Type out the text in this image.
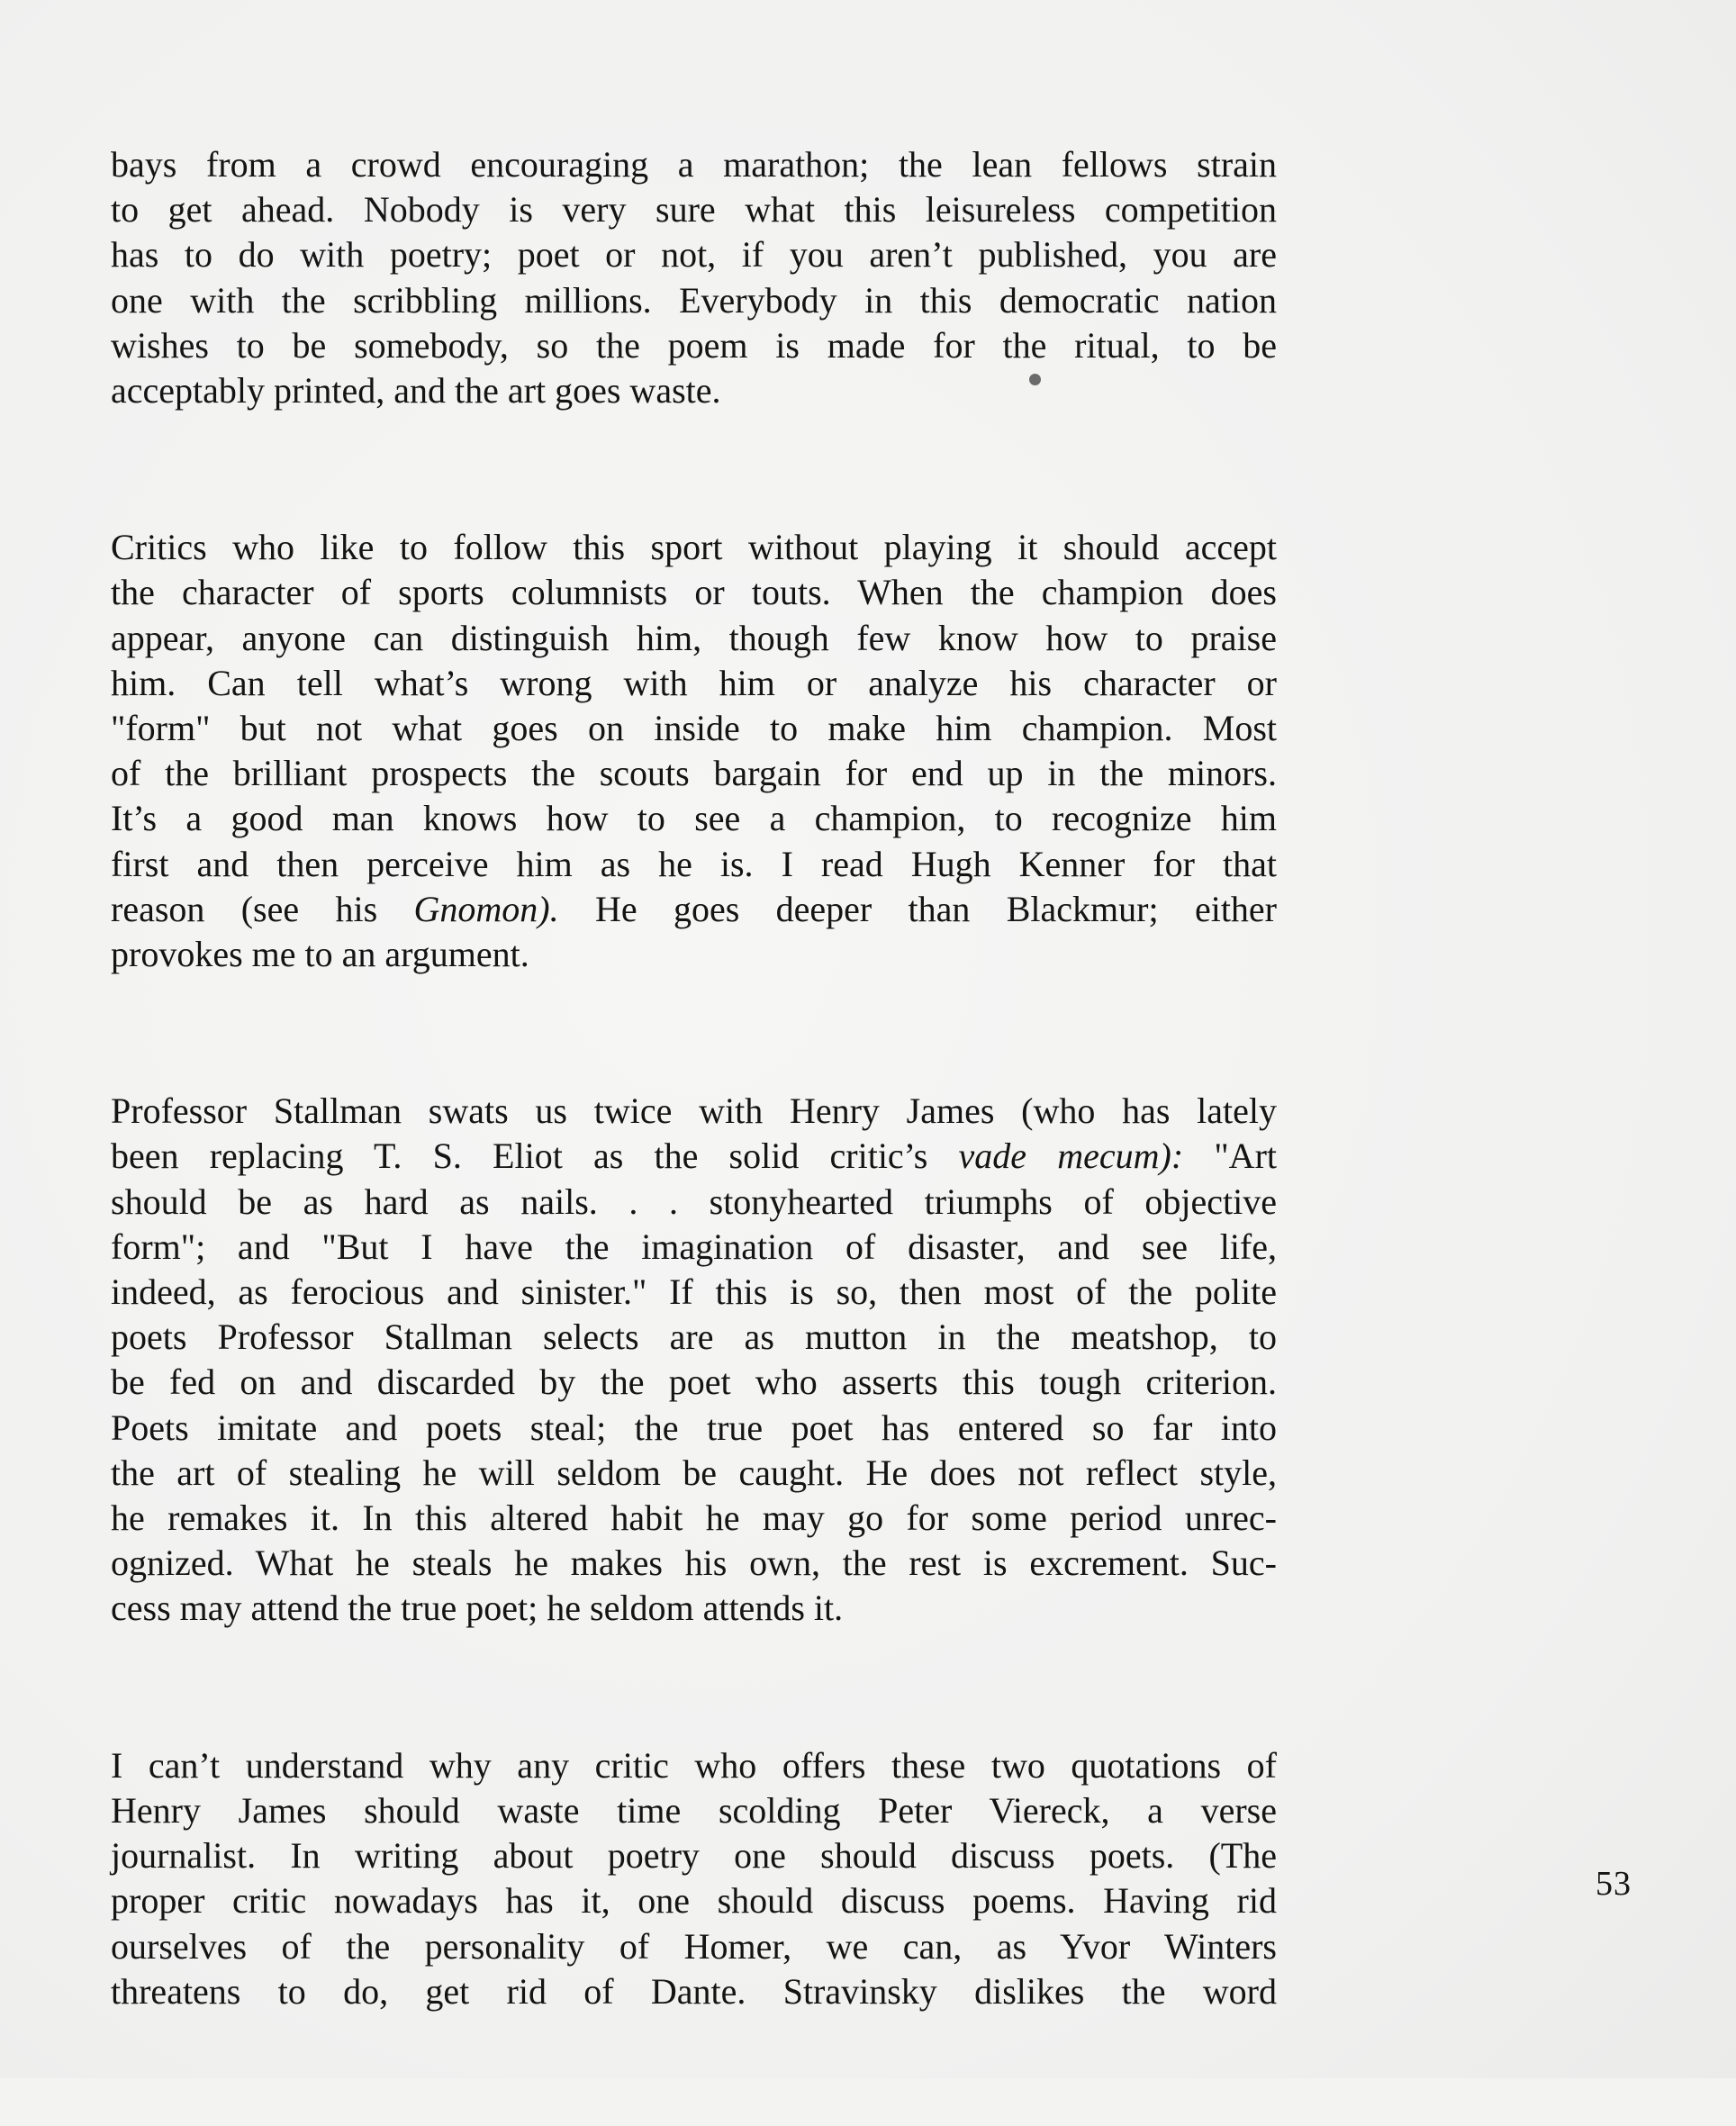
bays from a crowd encouraging a marathon; the lean fellows strain
to get ahead. Nobody is very sure what this leisureless competition
has to do with poetry; poet or not, if you aren’t published, you are
one with the scribbling millions. Everybody in this democratic nation
wishes to be somebody, so the poem is made for the ritual, to be
acceptably printed, and the art goes waste.

Critics who like to follow this sport without playing it should accept
the character of sports columnists or touts. When the champion does
appear, anyone can distinguish him, though few know how to praise
him. Can tell what’s wrong with him or analyze his character or
"form" but not what goes on inside to make him champion. Most
of the brilliant prospects the scouts bargain for end up in the minors.
It’s a good man knows how to see a champion, to recognize him
first and then perceive him as he is. I read Hugh Kenner for that
reason (see his Gnomon). He goes deeper than Blackmur; either
provokes me to an argument.

Professor Stallman swats us twice with Henry James (who has lately
been replacing T. S. Eliot as the solid critic’s vade mecum): "Art
should be as hard as nails. . . stonyhearted triumphs of objective
form"; and "But I have the imagination of disaster, and see life,
indeed, as ferocious and sinister." If this is so, then most of the polite
poets Professor Stallman selects are as mutton in the meatshop, to
be fed on and discarded by the poet who asserts this tough criterion.
Poets imitate and poets steal; the true poet has entered so far into
the art of stealing he will seldom be caught. He does not reflect style,
he remakes it. In this altered habit he may go for some period unrec-
ognized. What he steals he makes his own, the rest is excrement. Suc-
cess may attend the true poet; he seldom attends it.

I can’t understand why any critic who offers these two quotations of
Henry James should waste time scolding Peter Viereck, a verse
journalist. In writing about poetry one should discuss poets. (The
proper critic nowadays has it, one should discuss poems. Having rid
ourselves of the personality of Homer, we can, as Yvor Winters
threatens to do, get rid of Dante. Stravinsky dislikes the word

53
